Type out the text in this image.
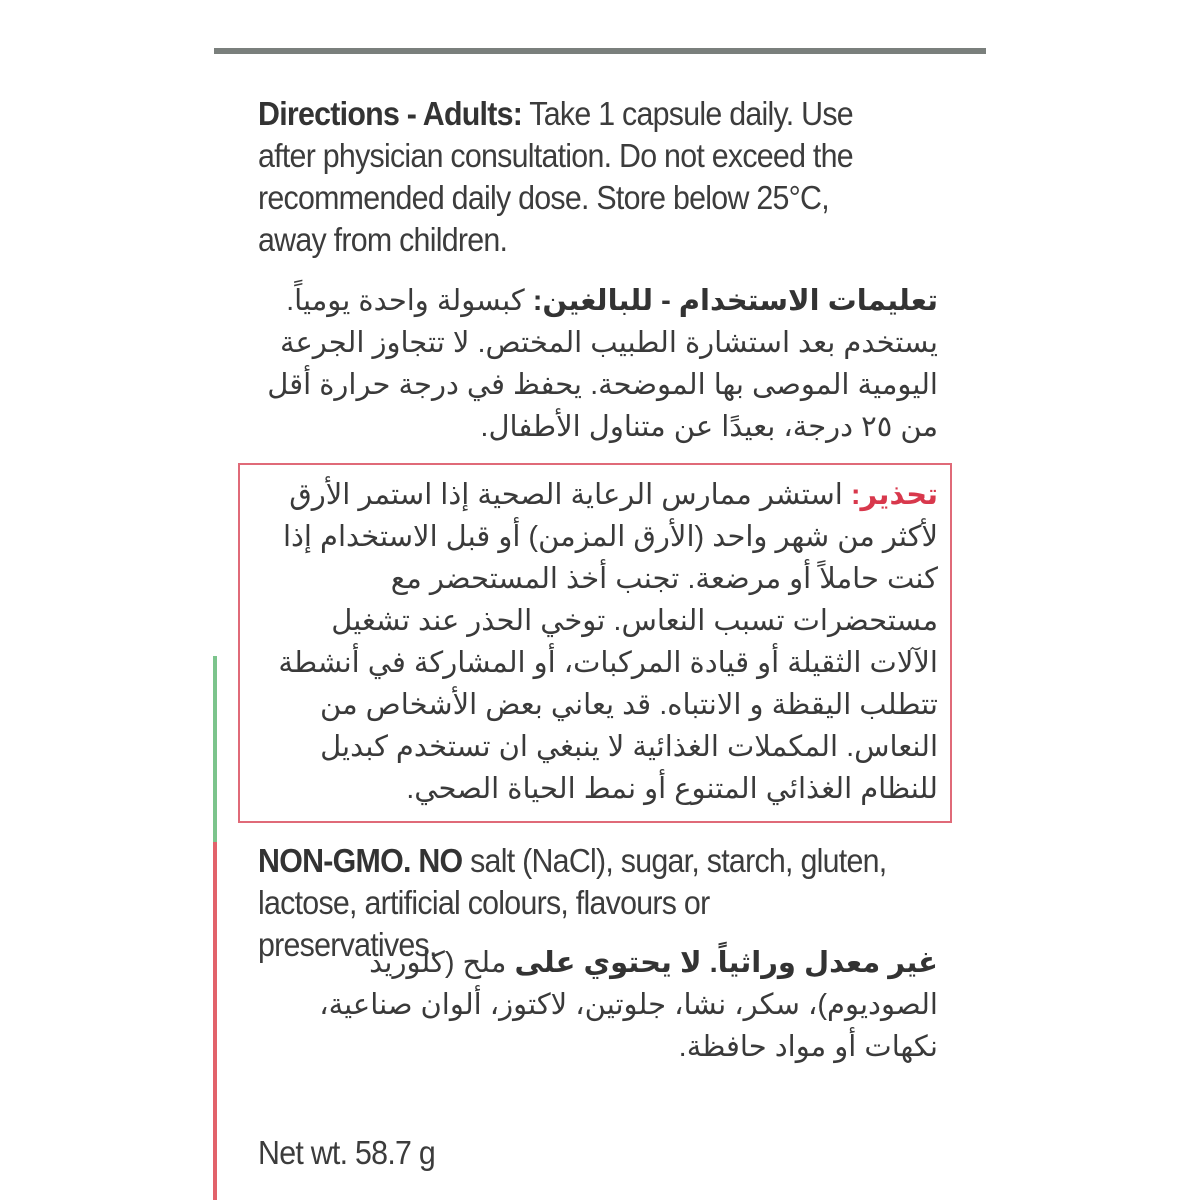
Directions - Adults: Take 1 capsule daily. Use after physician consultation. Do not exceed the recommended daily dose. Store below 25°C, away from children.

تعليمات الاستخدام - للبالغين: كبسولة واحدة يومياً. يستخدم بعد استشارة الطبيب المختص. لا تتجاوز الجرعة اليومية الموصى بها الموضحة. يحفظ في درجة حرارة أقل من ٢٥ درجة، بعيدًا عن متناول الأطفال.

تحذير: استشر ممارس الرعاية الصحية إذا استمر الأرق لأكثر من شهر واحد (الأرق المزمن) أو قبل الاستخدام إذا كنت حاملاً أو مرضعة. تجنب أخذ المستحضر مع مستحضرات تسبب النعاس. توخي الحذر عند تشغيل الآلات الثقيلة أو قيادة المركبات، أو المشاركة في أنشطة تتطلب اليقظة و الانتباه. قد يعاني بعض الأشخاص من النعاس. المكملات الغذائية لا ينبغي ان تستخدم كبديل للنظام الغذائي المتنوع أو نمط الحياة الصحي.

NON-GMO. NO salt (NaCl), sugar, starch, gluten, lactose, artificial colours, flavours or preservatives.	غير معدل وراثياً. لا يحتوي على ملح (كلوريد الصوديوم)، سكر، نشا، جلوتين، لاكتوز، ألوان صناعية، نكهات أو مواد حافظة.

Net wt. 58.7 g
